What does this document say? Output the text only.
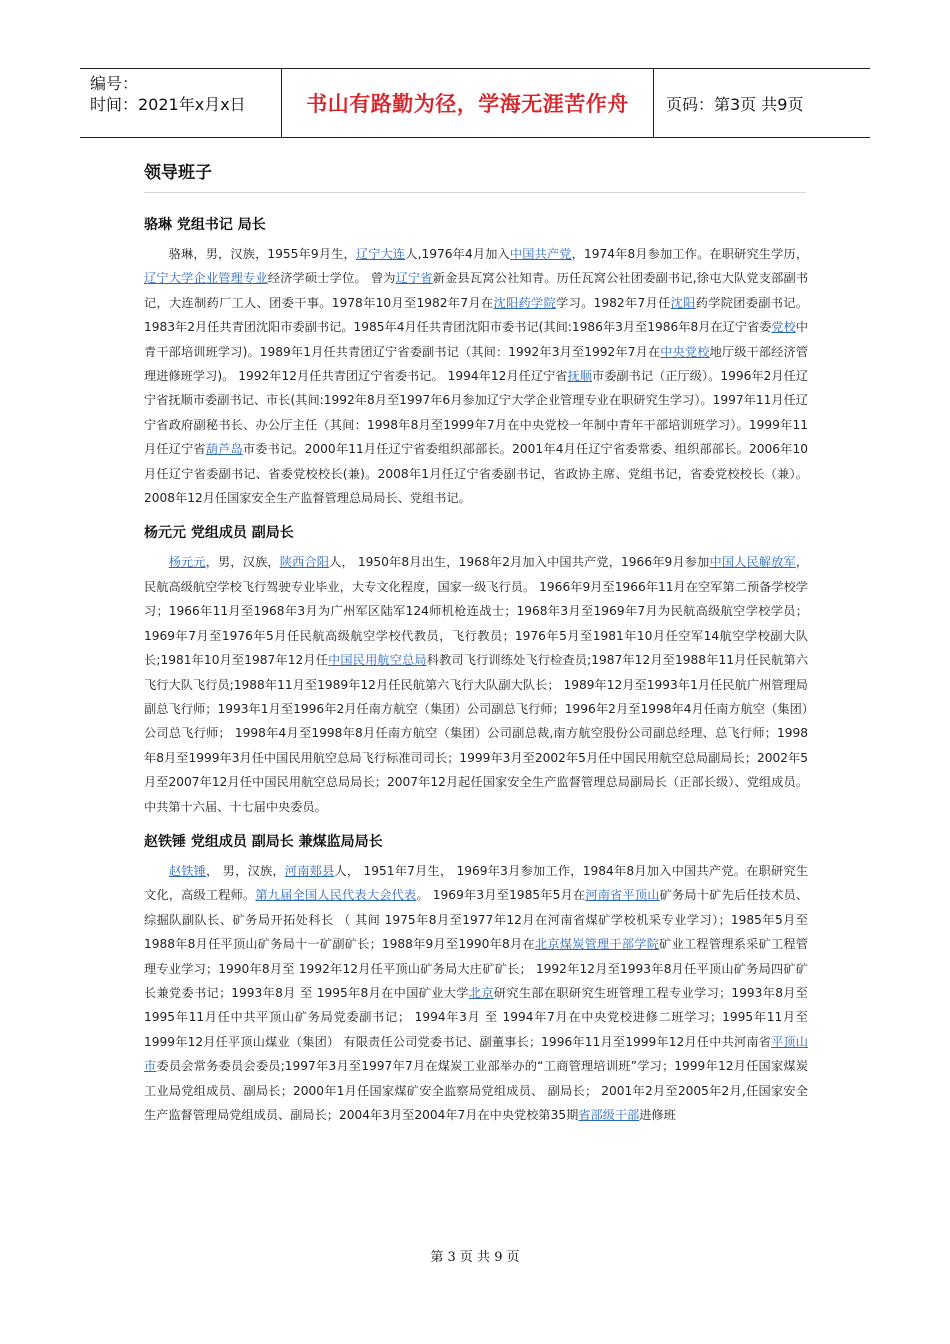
编号：
时间：2021年x月x日	书山有路勤为径，学海无涯苦作舟	页码：第3页 共9页
领导班子
骆琳 党组书记 局长

　　骆琳，男，汉族，1955年9月生，辽宁大连人,1976年4月加入中国共产党，1974年8月参加工作。在职研究生学历，辽宁大学企业管理专业经济学硕士学位。 曾为辽宁省新金县瓦窝公社知青。历任瓦窝公社团委副书记,徐屯大队党支部副书记，大连制药厂工人、团委干事。1978年10月至1982年7月在沈阳药学院学习。1982年7月任沈阳药学院团委副书记。1983年2月任共青团沈阳市委副书记。1985年4月任共青团沈阳市委书记(其间:1986年3月至1986年8月在辽宁省委党校中青干部培训班学习)。1989年1月任共青团辽宁省委副书记（其间：1992年3月至1992年7月在中央党校地厅级干部经济管理进修班学习)。 1992年12月任共青团辽宁省委书记。 1994年12月任辽宁省抚顺市委副书记（正厅级）。1996年2月任辽宁省抚顺市委副书记、市长(其间:1992年8月至1997年6月参加辽宁大学企业管理专业在职研究生学习）。1997年11月任辽宁省政府副秘书长、办公厅主任（其间：1998年8月至1999年7月在中央党校一年制中青年干部培训班学习）。1999年11月任辽宁省葫芦岛市委书记。2000年11月任辽宁省委组织部部长。2001年4月任辽宁省委常委、组织部部长。2006年10月任辽宁省委副书记、省委党校校长(兼)。2008年1月任辽宁省委副书记，省政协主席、党组书记，省委党校校长（兼）。2008年12月任国家安全生产监督管理总局局长、党组书记。

杨元元 党组成员 副局长

　　杨元元，男，汉族，陕西合阳人， 1950年8月出生，1968年2月加入中国共产党，1966年9月参加中国人民解放军，民航高级航空学校飞行驾驶专业毕业，大专文化程度，国家一级飞行员。 1966年9月至1966年11月在空军第二预备学校学习；1966年11月至1968年3月为广州军区陆军124师机枪连战士；1968年3月至1969年7月为民航高级航空学校学员；1969年7月至1976年5月任民航高级航空学校代教员，飞行教员；1976年5月至1981年10月任空军14航空学校副大队长;1981年10月至1987年12月任中国民用航空总局科教司飞行训练处飞行检查员;1987年12月至1988年11月任民航第六飞行大队飞行员;1988年11月至1989年12月任民航第六飞行大队副大队长； 1989年12月至1993年1月任民航广州管理局副总飞行师；1993年1月至1996年2月任南方航空（集团）公司副总飞行师；1996年2月至1998年4月任南方航空（集团）公司总飞行师； 1998年4月至1998年8月任南方航空（集团）公司副总裁,南方航空股份公司副总经理、总飞行师；1998年8月至1999年3月任中国民用航空总局飞行标准司司长；1999年3月至2002年5月任中国民用航空总局副局长；2002年5月至2007年12月任中国民用航空总局局长；2007年12月起任国家安全生产监督管理总局副局长（正部长级）、党组成员。 中共第十六届、十七届中央委员。

赵铁锤 党组成员 副局长 兼煤监局局长

　　赵铁锤， 男，汉族，河南郏县人， 1951年7月生， 1969年3月参加工作，1984年8月加入中国共产党。在职研究生文化，高级工程师。第九届全国人民代表大会代表。 1969年3月至1985年5月在河南省平顶山矿务局十矿先后任技术员、 综掘队副队长、矿务局开拓处科长 （ 其间 1975年8月至1977年12月在河南省煤矿学校机采专业学习）；1985年5月至1988年8月任平顶山矿务局十一矿副矿长；1988年9月至1990年8月在北京煤炭管理干部学院矿业工程管理系采矿工程管理专业学习；1990年8月至 1992年12月任平顶山矿务局大庄矿矿长； 1992年12月至1993年8月任平顶山矿务局四矿矿长兼党委书记；1993年8月 至 1995年8月在中国矿业大学北京研究生部在职研究生班管理工程专业学习；1993年8月至1995年11月任中共平顶山矿务局党委副书记； 1994年3月 至 1994年7月在中央党校进修二班学习；1995年11月至1999年12月任平顶山煤业（集团） 有限责任公司党委书记、副董事长；1996年11月至1999年12月任中共河南省平顶山市委员会常务委员会委员;1997年3月至1997年7月在煤炭工业部举办的“工商管理培训班”学习；1999年12月任国家煤炭工业局党组成员、副局长；2000年1月任国家煤矿安全监察局党组成员、 副局长； 2001年2月至2005年2月,任国家安全生产监督管理局党组成员、副局长；2004年3月至2004年7月在中央党校第35期省部级干部进修班

第 3 页 共 9 页
